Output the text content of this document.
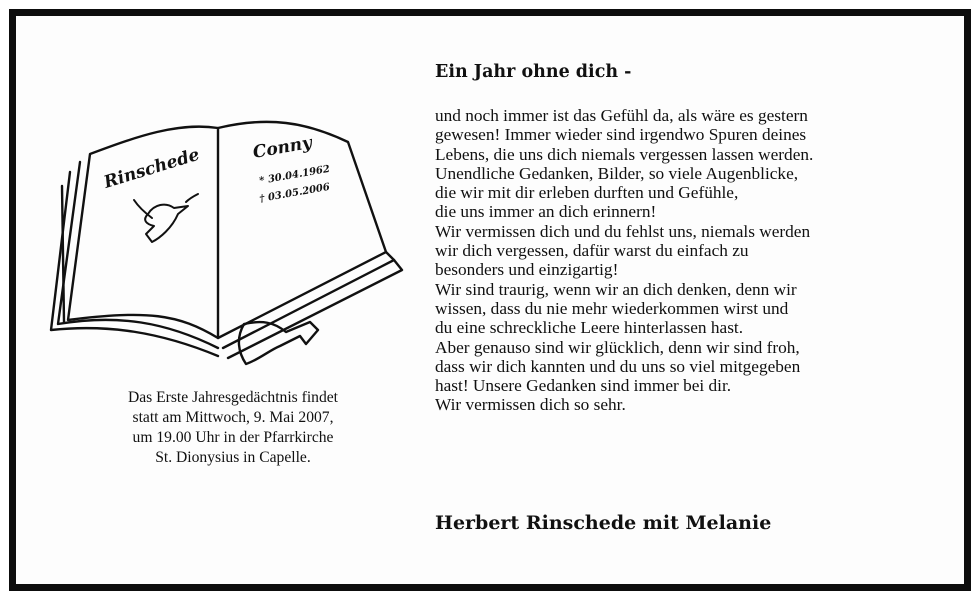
Rinschede	Conny
* 30.04.1962
† 03.05.2006
Das Erste Jahresgedächtnis findet
statt am Mittwoch, 9. Mai 2007,
um 19.00 Uhr in der Pfarrkirche
St. Dionysius in Capelle.
Ein Jahr ohne dich -
und noch immer ist das Gefühl da, als wäre es gestern
gewesen! Immer wieder sind irgendwo Spuren deines
Lebens, die uns dich niemals vergessen lassen werden.
Unendliche Gedanken, Bilder, so viele Augenblicke,
die wir mit dir erleben durften und Gefühle,
die uns immer an dich erinnern!
Wir vermissen dich und du fehlst uns, niemals werden
wir dich vergessen, dafür warst du einfach zu
besonders und einzigartig!
Wir sind traurig, wenn wir an dich denken, denn wir
wissen, dass du nie mehr wiederkommen wirst und
du eine schreckliche Leere hinterlassen hast.
Aber genauso sind wir glücklich, denn wir sind froh,
dass wir dich kannten und du uns so viel mitgegeben
hast! Unsere Gedanken sind immer bei dir.
Wir vermissen dich so sehr.
Herbert Rinschede mit Melanie
